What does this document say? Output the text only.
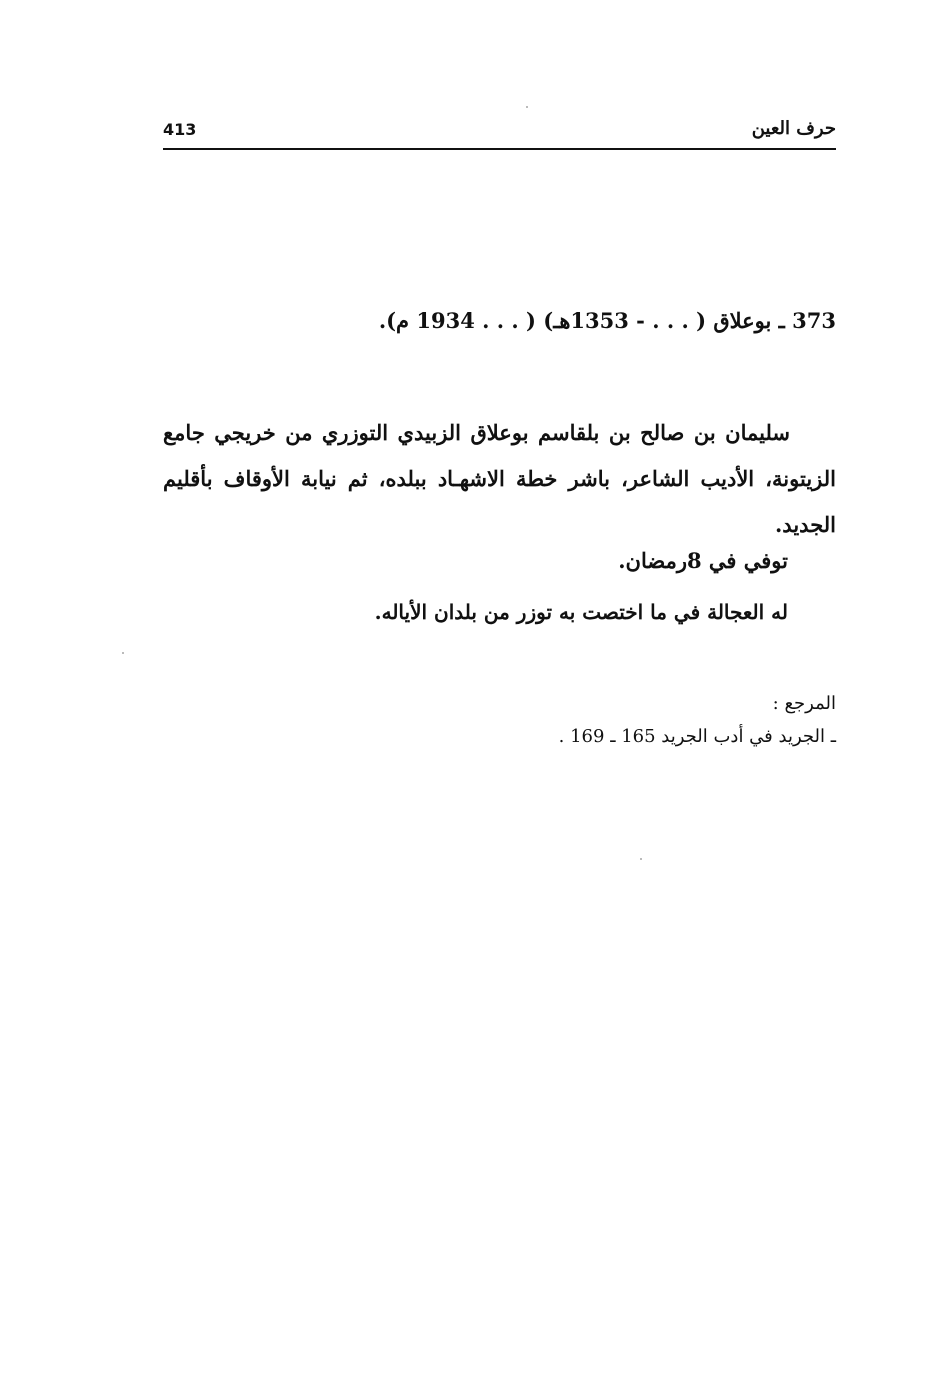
413	حرف العين
373 ـ بوعلاق ( . . . - 1353هـ) ( . . . 1934 م).

سليمان بن صالح بن بلقاسم بوعلاق الزبيدي التوزري من خريجي جامع الزيتونة، الأديب الشاعر، باشر خطة الاشهـاد ببلده، ثم نيابة الأوقاف بأقليم الجديد.

توفي في 8رمضان.
له العجالة في ما اختصت به توزر من بلدان الأياله.
المرجع :
ـ الجريد في أدب الجريد 165 ـ 169 .
